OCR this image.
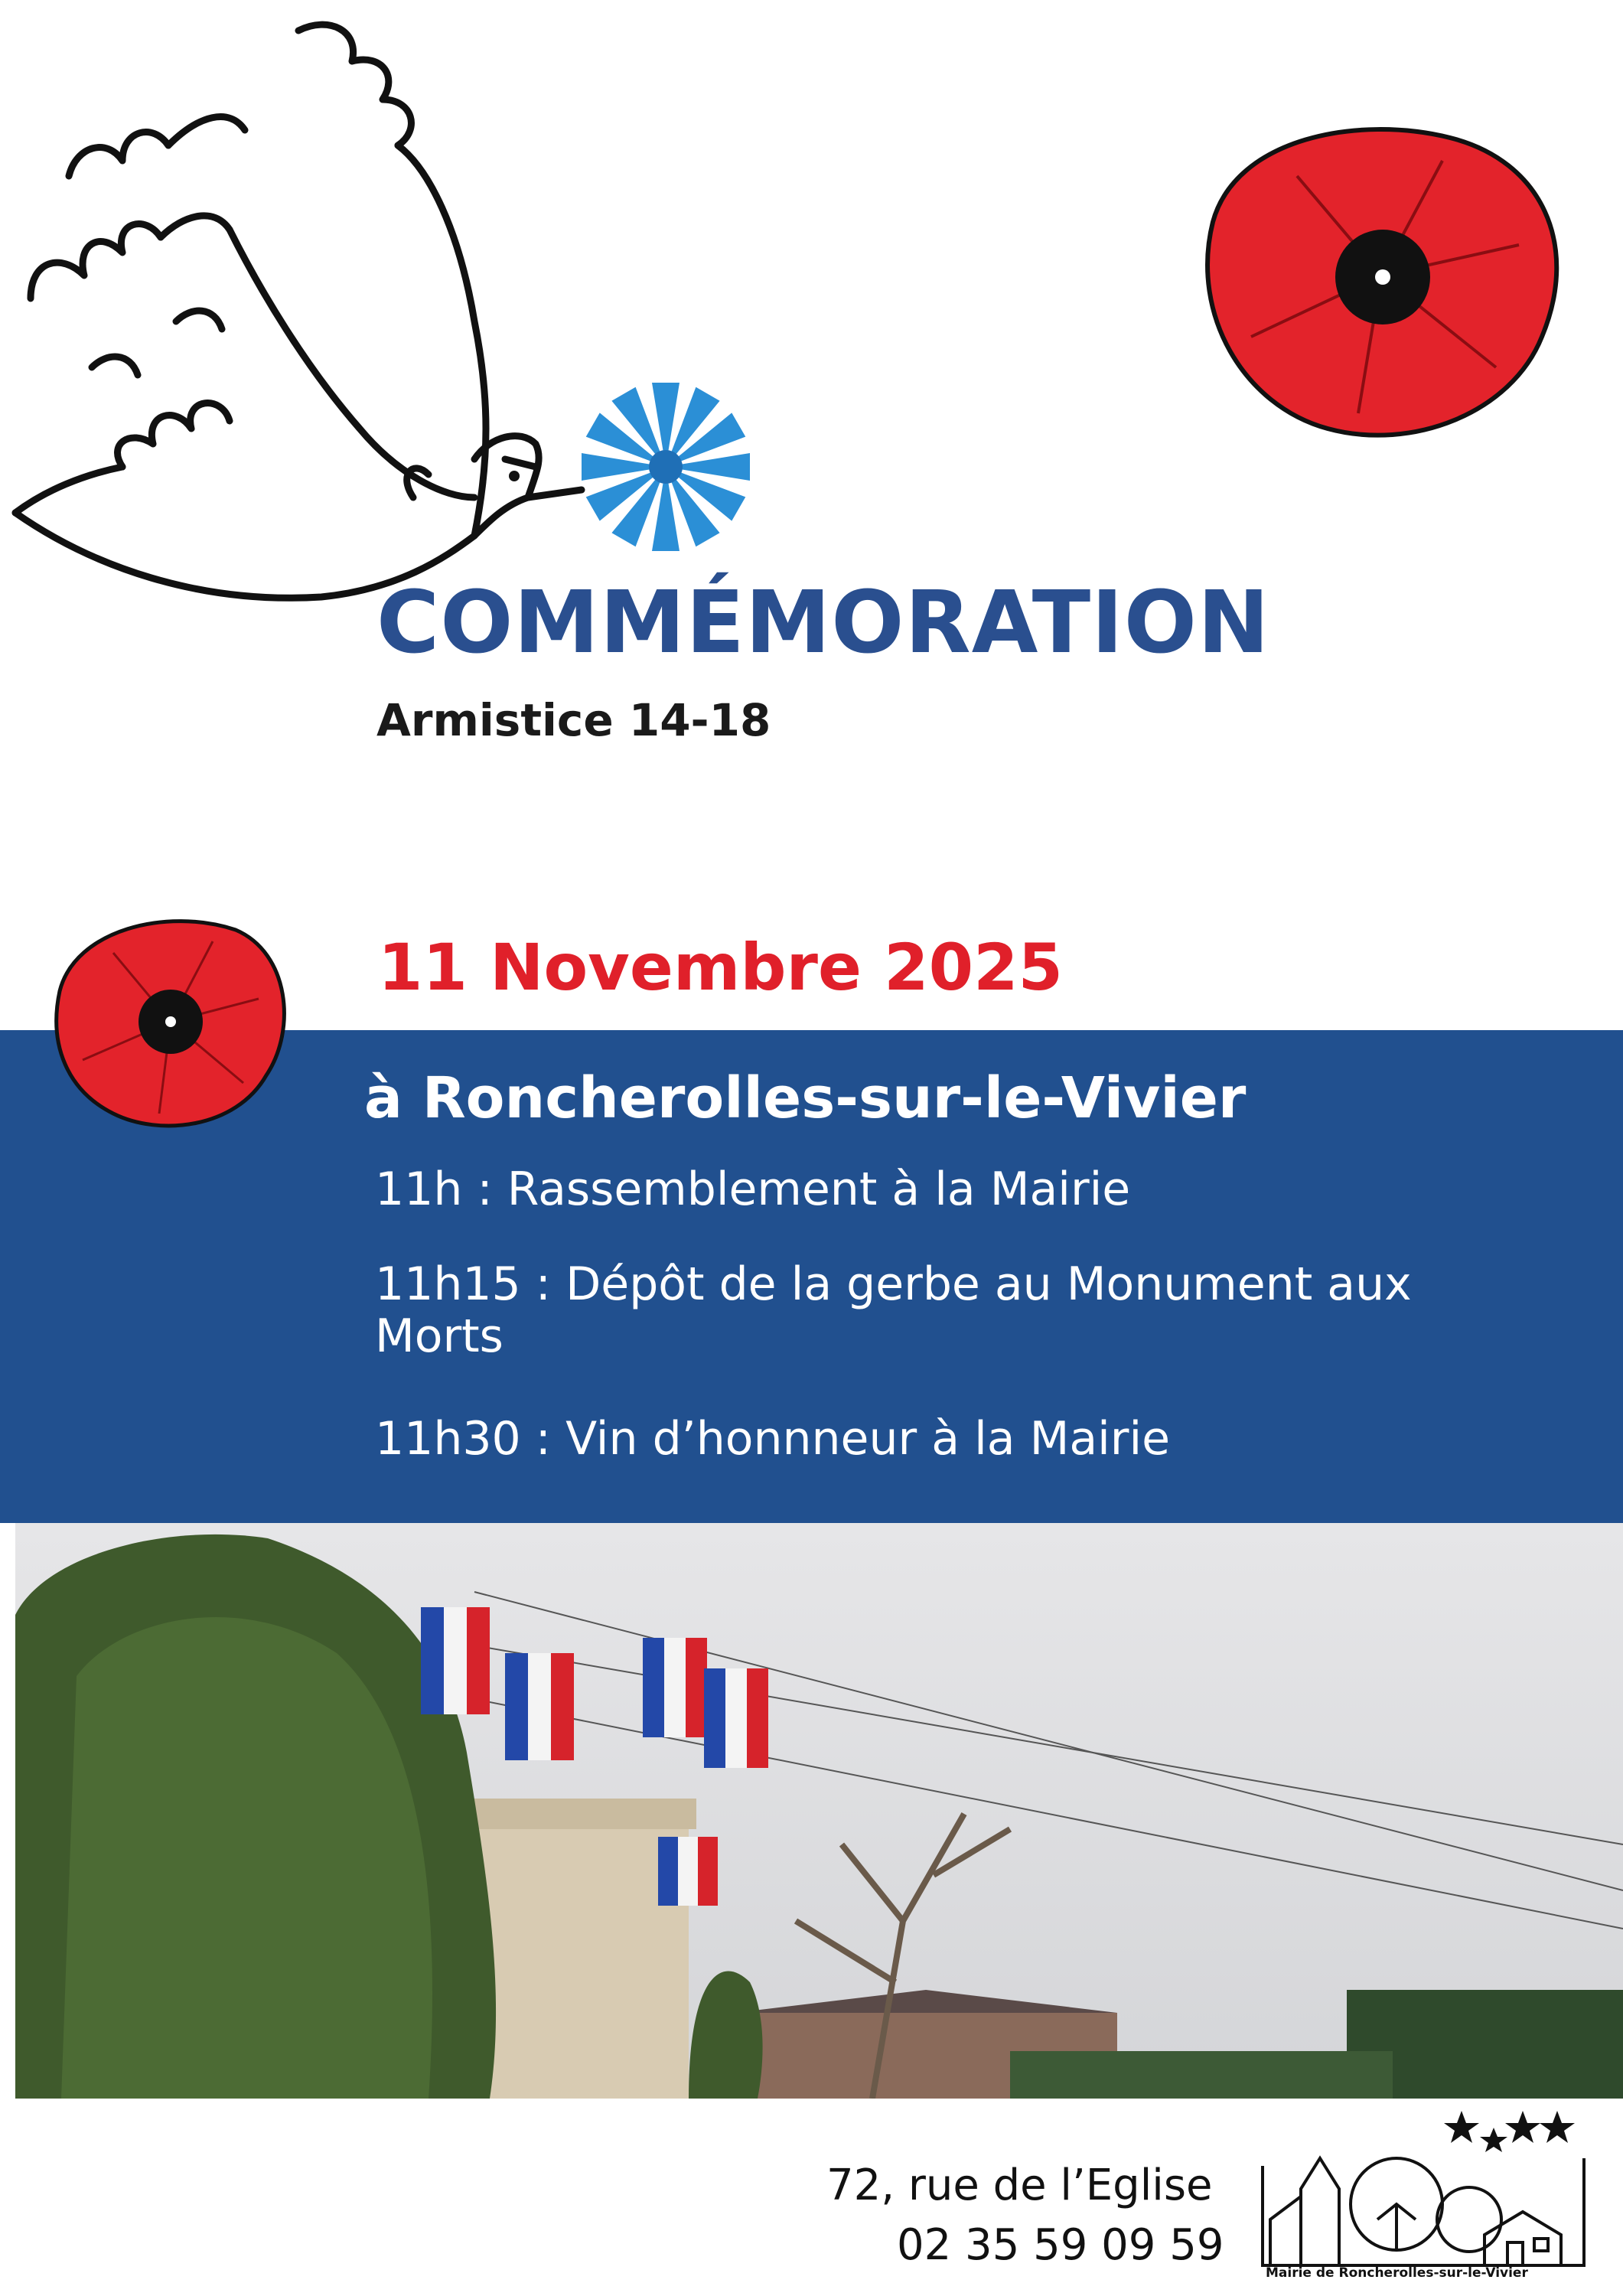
COMMÉMORATION
Armistice 14-18
11 Novembre 2025
à Roncherolles-sur-le-Vivier
11h : Rassemblement à la Mairie
11h15 : Dépôt de la gerbe au Monument aux Morts
11h30 : Vin d’honnneur à la Mairie
72, rue de l’Eglise
02 35 59 09 59
Mairie de Roncherolles-sur-le-Vivier
